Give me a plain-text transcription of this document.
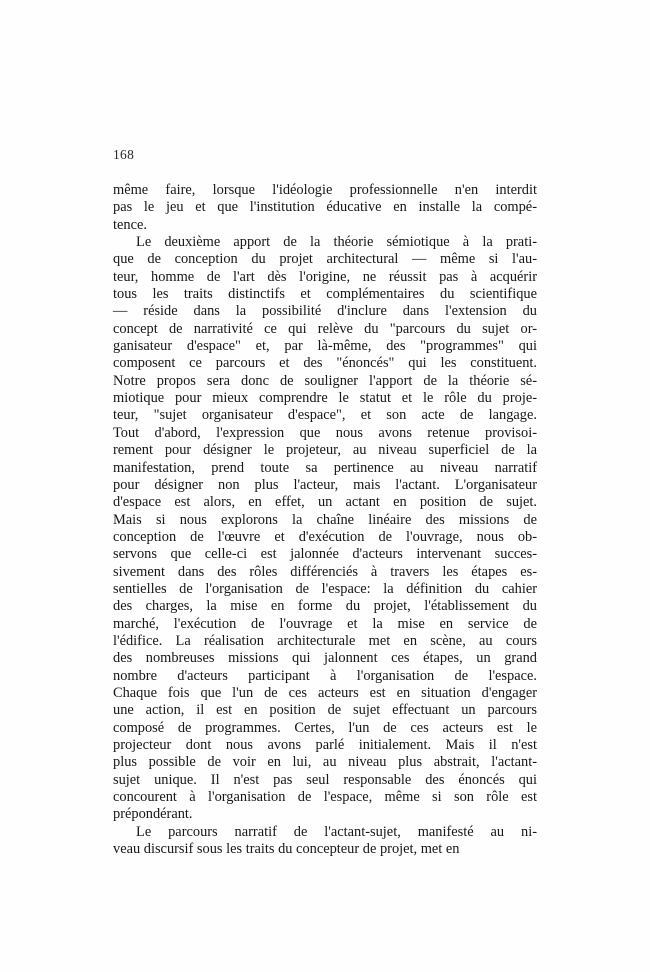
168
même faire, lorsque l'idéologie professionnelle n'en interdit
pas le jeu et que l'institution éducative en installe la compé-
tence.
Le deuxième apport de la théorie sémiotique à la prati-
que de conception du projet architectural — même si l'au-
teur, homme de l'art dès l'origine, ne réussit pas à acquérir
tous les traits distinctifs et complémentaires du scientifique
— réside dans la possibilité d'inclure dans l'extension du
concept de narrativité ce qui relève du "parcours du sujet or-
ganisateur d'espace" et, par là-même, des "programmes" qui
composent ce parcours et des "énoncés" qui les constituent.
Notre propos sera donc de souligner l'apport de la théorie sé-
miotique pour mieux comprendre le statut et le rôle du proje-
teur, "sujet organisateur d'espace", et son acte de langage.
Tout d'abord, l'expression que nous avons retenue provisoi-
rement pour désigner le projeteur, au niveau superficiel de la
manifestation, prend toute sa pertinence au niveau narratif
pour désigner non plus l'acteur, mais l'actant. L'organisateur
d'espace est alors, en effet, un actant en position de sujet.
Mais si nous explorons la chaîne linéaire des missions de
conception de l'œuvre et d'exécution de l'ouvrage, nous ob-
servons que celle-ci est jalonnée d'acteurs intervenant succes-
sivement dans des rôles différenciés à travers les étapes es-
sentielles de l'organisation de l'espace: la définition du cahier
des charges, la mise en forme du projet, l'établissement du
marché, l'exécution de l'ouvrage et la mise en service de
l'édifice. La réalisation architecturale met en scène, au cours
des nombreuses missions qui jalonnent ces étapes, un grand
nombre d'acteurs participant à l'organisation de l'espace.
Chaque fois que l'un de ces acteurs est en situation d'engager
une action, il est en position de sujet effectuant un parcours
composé de programmes. Certes, l'un de ces acteurs est le
projecteur dont nous avons parlé initialement. Mais il n'est
plus possible de voir en lui, au niveau plus abstrait, l'actant-
sujet unique. Il n'est pas seul responsable des énoncés qui
concourent à l'organisation de l'espace, même si son rôle est
prépondérant.
Le parcours narratif de l'actant-sujet, manifesté au ni-
veau discursif sous les traits du concepteur de projet, met en
